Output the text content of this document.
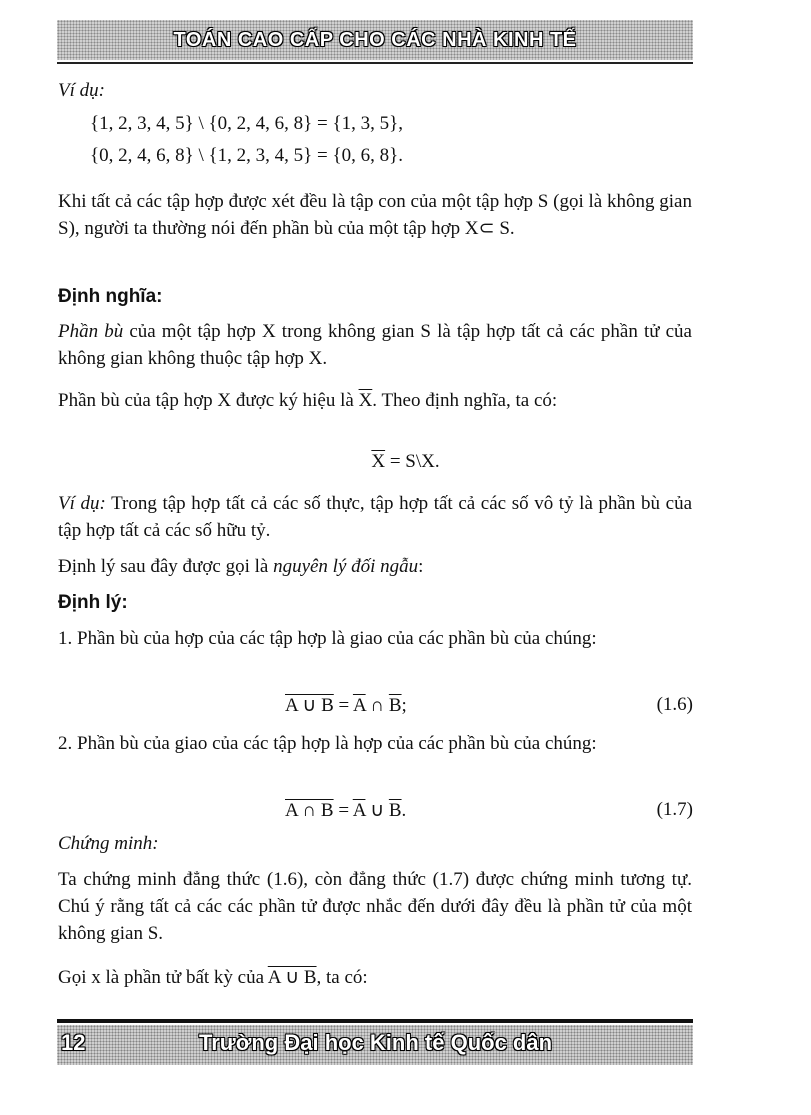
TOÁN CAO CẤP CHO CÁC NHÀ KINH TẾ
Ví dụ:
{1, 2, 3, 4, 5} \ {0, 2, 4, 6, 8} = {1, 3, 5},
{0, 2, 4, 6, 8} \ {1, 2, 3, 4, 5} = {0, 6, 8}.
Khi tất cả các tập hợp được xét đều là tập con của một tập hợp S (gọi là không gian S), người ta thường nói đến phần bù của một tập hợp X⊂ S.
Định nghĩa:
Phần bù của một tập hợp X trong không gian S là tập hợp tất cả các phần tử của không gian không thuộc tập hợp X.
Phần bù của tập hợp X được ký hiệu là $\overline{X}$. Theo định nghĩa, ta có:
$\overline{X}$ = S\X.
Ví dụ: Trong tập hợp tất cả các số thực, tập hợp tất cả các số vô tỷ là phần bù của tập hợp tất cả các số hữu tỷ.
Định lý sau đây được gọi là nguyên lý đối ngẫu:
Định lý:
1. Phần bù của hợp của các tập hợp là giao của các phần bù của chúng:
A ∪ $B = \overline{A}$ ∩ $\overline{B}$;	(1.6)
2. Phần bù của giao của các tập hợp là hợp của các phần bù của chúng:
A ∩ $B = \overline{A}$ ∪ $\overline{B}$.	(1.7)
Chứng minh:
Ta chứng minh đẳng thức (1.6), còn đẳng thức (1.7) được chứng minh tương tự. Chú ý rằng tất cả các các phần tử được nhắc đến dưới đây đều là phần tử của một không gian S.
Gọi x là phần tử bất kỳ của A ∪ B, ta có:
12	Trường Đại học Kinh tế Quốc dân
